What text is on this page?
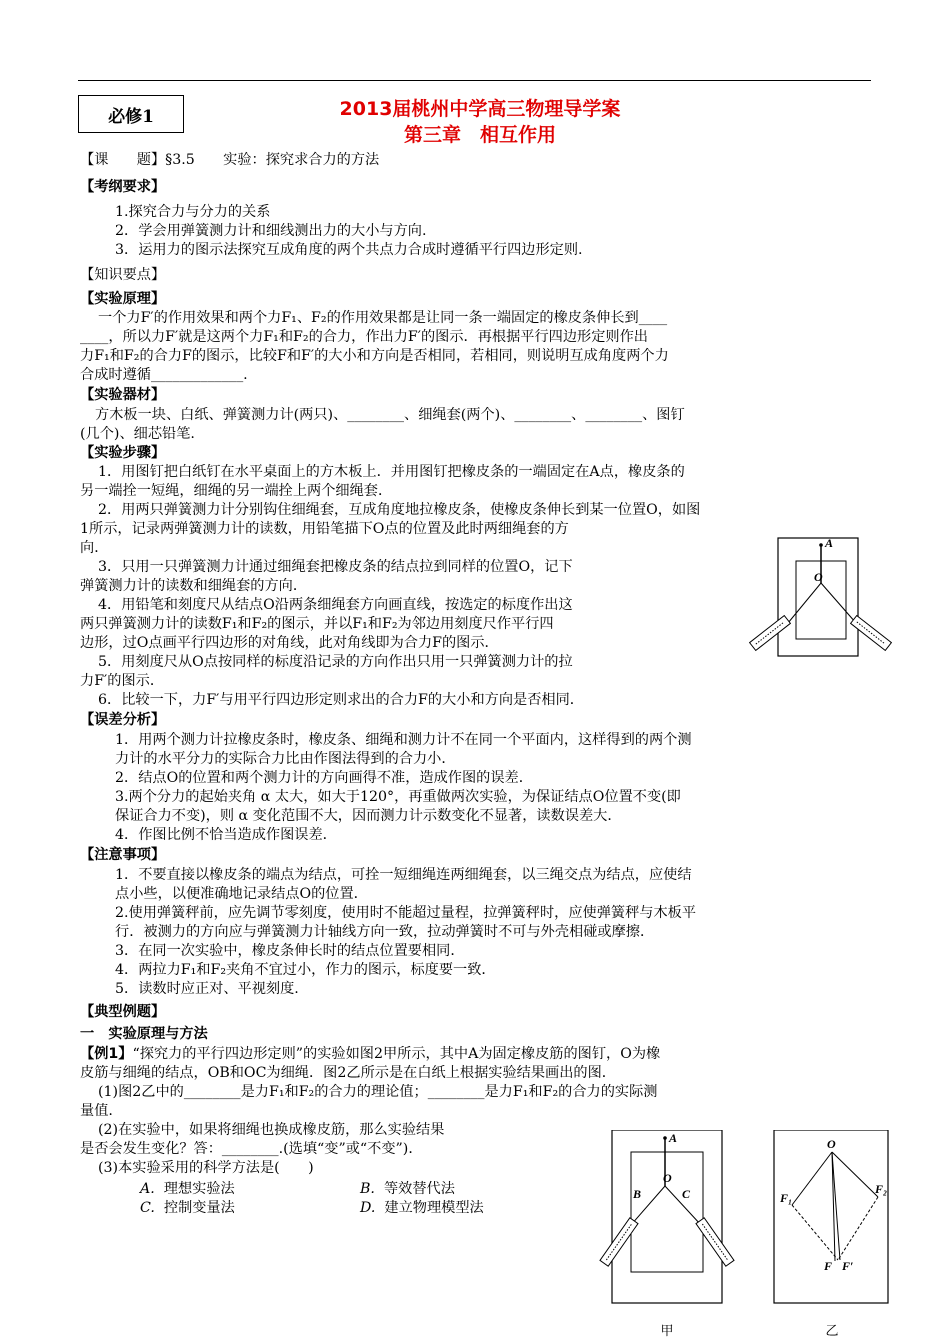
必修1	2013届桃州中学高三物理导学案
第三章　相互作用
【课　　题】§3.5　　实验：探究求合力的方法
【考纲要求】
1.探究合力与分力的关系
2．学会用弹簧测力计和细线测出力的大小与方向.
3．运用力的图示法探究互成角度的两个共点力合成时遵循平行四边形定则.
【知识要点】
【实验原理】
一个力F′的作用效果和两个力F₁、F₂的作用效果都是让同一条一端固定的橡皮条伸长到____
____，所以力F′就是这两个力F₁和F₂的合力，作出力F′的图示．再根据平行四边形定则作出
力F₁和F₂的合力F的图示，比较F和F′的大小和方向是否相同，若相同，则说明互成角度两个力
合成时遵循_____________.
【实验器材】
方木板一块、白纸、弹簧测力计(两只)、________、细绳套(两个)、________、________、图钉
(几个)、细芯铅笔.
【实验步骤】
1．用图钉把白纸钉在水平桌面上的方木板上．并用图钉把橡皮条的一端固定在A点，橡皮条的
另一端拴一短绳，细绳的另一端拴上两个细绳套．
2．用两只弹簧测力计分别钩住细绳套，互成角度地拉橡皮条，使橡皮条伸长到某一位置O，如图
1所示，记录两弹簧测力计的读数，用铅笔描下O点的位置及此时两细绳套的方
向．
3．只用一只弹簧测力计通过细绳套把橡皮条的结点拉到同样的位置O，记下
弹簧测力计的读数和细绳套的方向．
4．用铅笔和刻度尺从结点O沿两条细绳套方向画直线，按选定的标度作出这
两只弹簧测力计的读数F₁和F₂的图示，并以F₁和F₂为邻边用刻度尺作平行四
边形，过O点画平行四边形的对角线，此对角线即为合力F的图示．
5．用刻度尺从O点按同样的标度沿记录的方向作出只用一只弹簧测力计的拉
力F′的图示．
6．比较一下，力F′与用平行四边形定则求出的合力F的大小和方向是否相同．
【误差分析】
1．用两个测力计拉橡皮条时，橡皮条、细绳和测力计不在同一个平面内，这样得到的两个测
力计的水平分力的实际合力比由作图法得到的合力小．
2．结点O的位置和两个测力计的方向画得不准，造成作图的误差．
3.两个分力的起始夹角 α 太大，如大于120°，再重做两次实验，为保证结点O位置不变(即
保证合力不变)，则 α 变化范围不大，因而测力计示数变化不显著，读数误差大．
4．作图比例不恰当造成作图误差．
【注意事项】
1．不要直接以橡皮条的端点为结点，可拴一短细绳连两细绳套，以三绳交点为结点，应使结
点小些，以便准确地记录结点O的位置．
2.使用弹簧秤前，应先调节零刻度，使用时不能超过量程，拉弹簧秤时，应使弹簧秤与木板平
行．被测力的方向应与弹簧测力计轴线方向一致，拉动弹簧时不可与外壳相碰或摩擦．
3．在同一次实验中，橡皮条伸长时的结点位置要相同．
4．两拉力F₁和F₂夹角不宜过小，作力的图示，标度要一致．
5．读数时应正对、平视刻度.
【典型例题】
一　实验原理与方法
【例1】“探究力的平行四边形定则”的实验如图2甲所示，其中A为固定橡皮筋的图钉，O为橡
皮筋与细绳的结点，OB和OC为细绳．图2乙所示是在白纸上根据实验结果画出的图．
(1)图2乙中的________是力F₁和F₂的合力的理论值；________是力F₁和F₂的合力的实际测
量值.
(2)在实验中，如果将细绳也换成橡皮筋，那么实验结果
是否会发生变化？答：________.(选填“变”或“不变”)．
(3)本实验采用的科学方法是(　　)
A. 理想实验法	B. 等效替代法
C. 控制变量法	D. 建立物理模型法
A
O
A
O
B	C
甲
O
F₁
F₂
F F′
乙
